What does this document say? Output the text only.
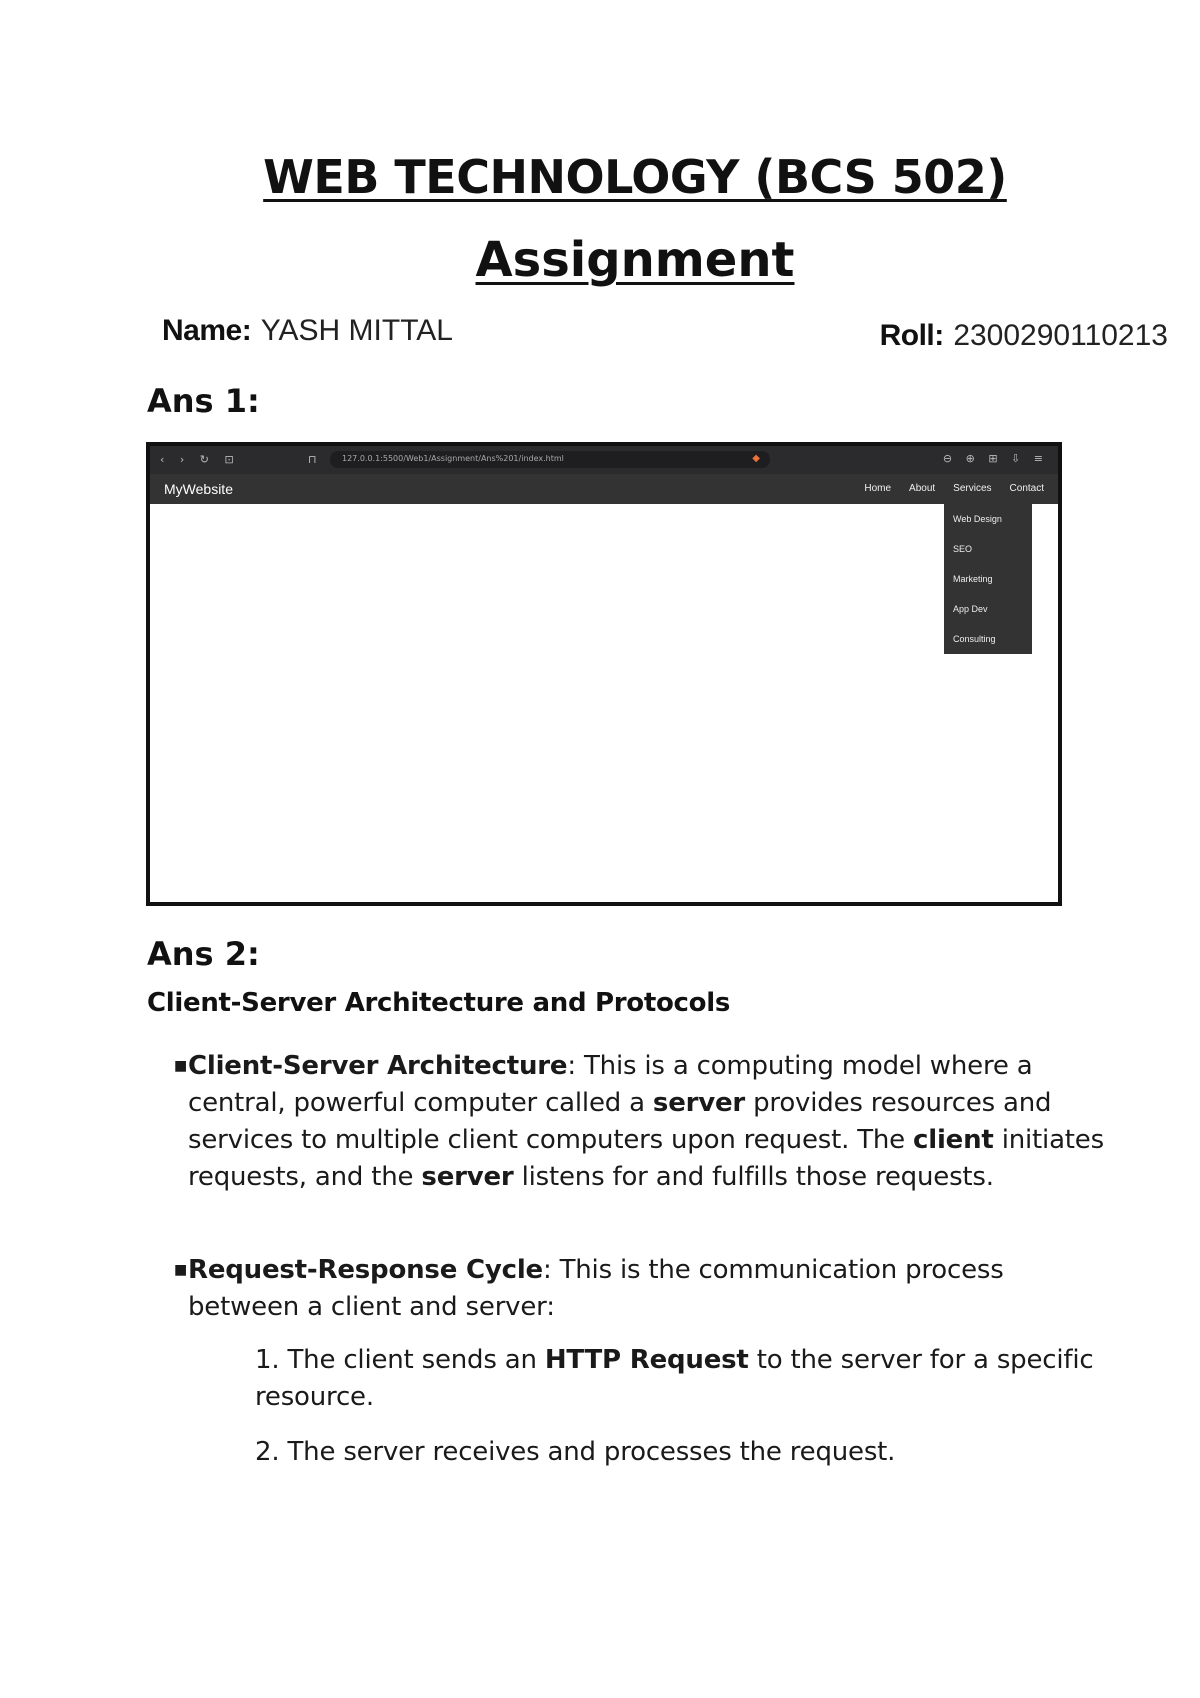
WEB TECHNOLOGY (BCS 502)
Assignment
Name: YASH MITTAL	Roll: 2300290110213
Ans 1:
‹ › ↻ ⊡	⊓	127.0.0.1:5500/Web1/Assignment/Ans%201/index.html	◆	⊖ ⊕ ⊞ ⇩ ≡
MyWebsite	Home About Services Contact
Web Design
SEO
Marketing
App Dev
Consulting
Ans 2:
Client-Server Architecture and Protocols

■ Client-Server Architecture: This is a computing model where a central, powerful computer called a server provides resources and services to multiple client computers upon request. The client initiates requests, and the server listens for and fulfills those requests.

■ Request-Response Cycle: This is the communication process between a client and server:

1. The client sends an HTTP Request to the server for a specific resource.

2. The server receives and processes the request.
